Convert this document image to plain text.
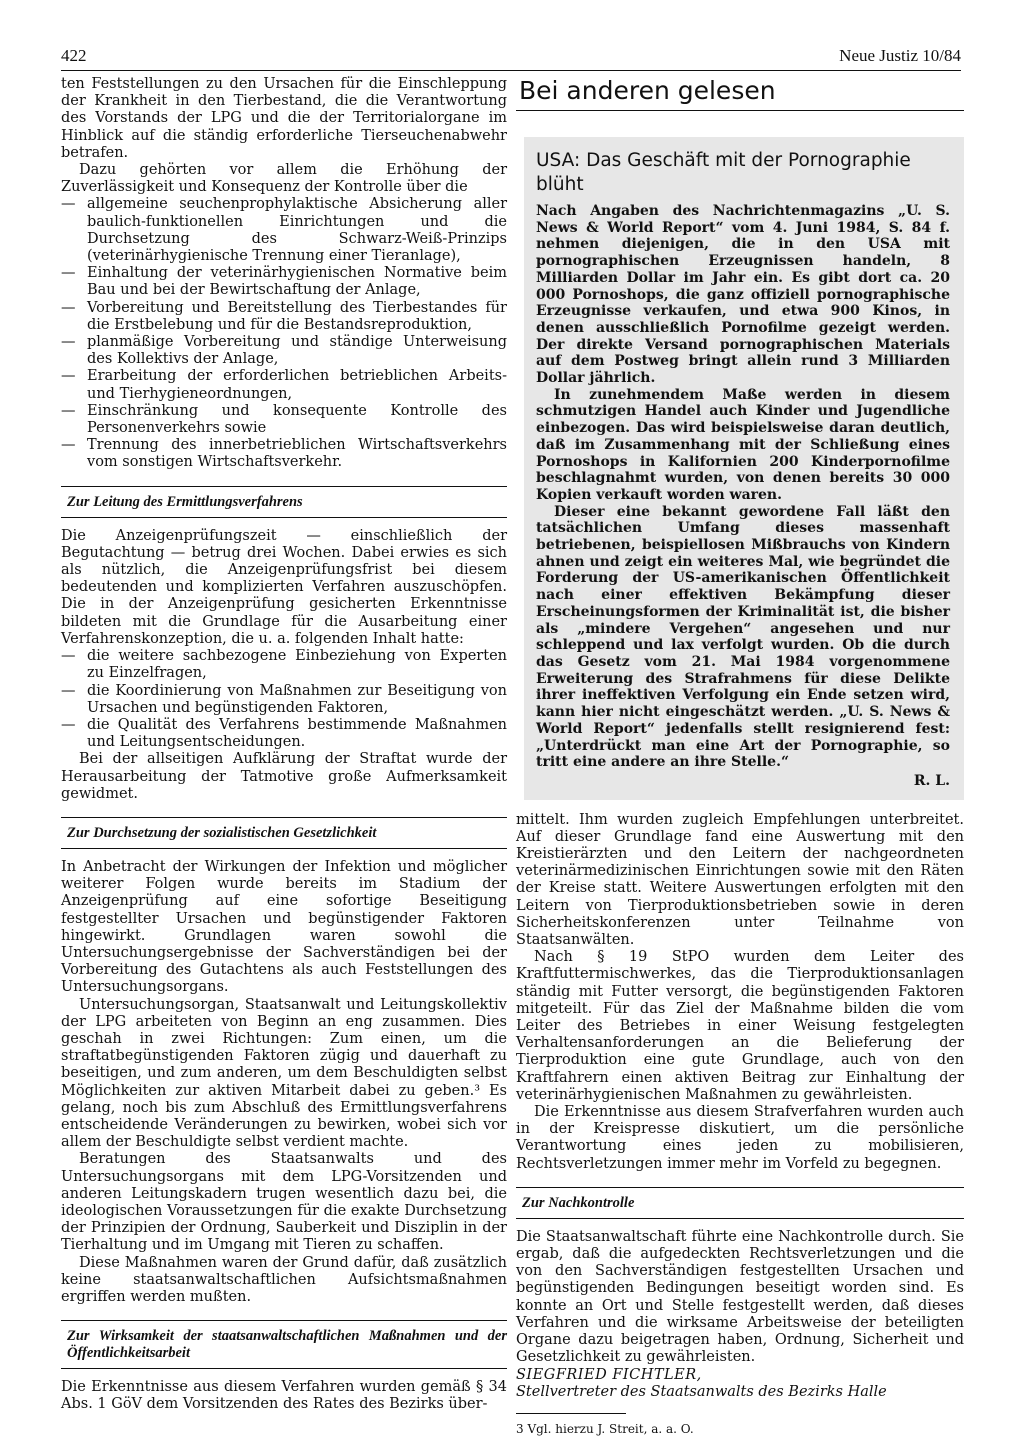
422	Neue Justiz 10/84

ten Feststellungen zu den Ursachen für die Einschleppung der Krankheit in den Tierbestand, die die Verantwortung des Vorstands der LPG und die der Territorialorgane im Hinblick auf die ständig erforderliche Tierseuchenabwehr betrafen.

Dazu gehörten vor allem die Erhöhung der Zuverlässigkeit und Konsequenz der Kontrolle über die

— allgemeine seuchenprophylaktische Absicherung aller baulich-funktionellen Einrichtungen und die Durchsetzung des Schwarz-Weiß-Prinzips (veterinärhygienische Trennung einer Tieranlage),
— Einhaltung der veterinärhygienischen Normative beim Bau und bei der Bewirtschaftung der Anlage,
— Vorbereitung und Bereitstellung des Tierbestandes für die Erstbelebung und für die Bestandsreproduktion,
— planmäßige Vorbereitung und ständige Unterweisung des Kollektivs der Anlage,
— Erarbeitung der erforderlichen betrieblichen Arbeits- und Tierhygieneordnungen,
— Einschränkung und konsequente Kontrolle des Personenverkehrs sowie
— Trennung des innerbetrieblichen Wirtschaftsverkehrs vom sonstigen Wirtschaftsverkehr.
Zur Leitung des Ermittlungsverfahrens

Die Anzeigenprüfungszeit — einschließlich der Begutachtung — betrug drei Wochen. Dabei erwies es sich als nützlich, die Anzeigenprüfungsfrist bei diesem bedeutenden und komplizierten Verfahren auszuschöpfen. Die in der Anzeigenprüfung gesicherten Erkenntnisse bildeten mit die Grundlage für die Ausarbeitung einer Verfahrenskonzeption, die u. a. folgenden Inhalt hatte:

— die weitere sachbezogene Einbeziehung von Experten zu Einzelfragen,
— die Koordinierung von Maßnahmen zur Beseitigung von Ursachen und begünstigenden Faktoren,
— die Qualität des Verfahrens bestimmende Maßnahmen und Leitungsentscheidungen.

Bei der allseitigen Aufklärung der Straftat wurde der Herausarbeitung der Tatmotive große Aufmerksamkeit gewidmet.

Zur Durchsetzung der sozialistischen Gesetzlichkeit

In Anbetracht der Wirkungen der Infektion und möglicher weiterer Folgen wurde bereits im Stadium der Anzeigenprüfung auf eine sofortige Beseitigung festgestellter Ursachen und begünstigender Faktoren hingewirkt. Grundlagen waren sowohl die Untersuchungsergebnisse der Sachverständigen bei der Vorbereitung des Gutachtens als auch Feststellungen des Untersuchungsorgans.

Untersuchungsorgan, Staatsanwalt und Leitungskollektiv der LPG arbeiteten von Beginn an eng zusammen. Dies geschah in zwei Richtungen: Zum einen, um die straftatbegünstigenden Faktoren zügig und dauerhaft zu beseitigen, und zum anderen, um dem Beschuldigten selbst Möglichkeiten zur aktiven Mitarbeit dabei zu geben.³ Es gelang, noch bis zum Abschluß des Ermittlungsverfahrens entscheidende Veränderungen zu bewirken, wobei sich vor allem der Beschuldigte selbst verdient machte.

Beratungen des Staatsanwalts und des Untersuchungsorgans mit dem LPG-Vorsitzenden und anderen Leitungskadern trugen wesentlich dazu bei, die ideologischen Voraussetzungen für die exakte Durchsetzung der Prinzipien der Ordnung, Sauberkeit und Disziplin in der Tierhaltung und im Umgang mit Tieren zu schaffen.

Diese Maßnahmen waren der Grund dafür, daß zusätzlich keine staatsanwaltschaftlichen Aufsichtsmaßnahmen ergriffen werden mußten.

Zur Wirksamkeit der staatsanwaltschaftlichen Maßnahmen und der Öffentlichkeitsarbeit

Die Erkenntnisse aus diesem Verfahren wurden gemäß § 34 Abs. 1 GöV dem Vorsitzenden des Rates des Bezirks über-

Bei anderen gelesen
USA: Das Geschäft mit der Pornographie blüht

Nach Angaben des Nachrichtenmagazins „U. S. News & World Report“ vom 4. Juni 1984, S. 84 f. nehmen diejenigen, die in den USA mit pornographischen Erzeugnissen handeln, 8 Milliarden Dollar im Jahr ein. Es gibt dort ca. 20 000 Pornoshops, die ganz offiziell pornographische Erzeugnisse verkaufen, und etwa 900 Kinos, in denen ausschließlich Pornofilme gezeigt werden. Der direkte Versand pornographischen Materials auf dem Postweg bringt allein rund 3 Milliarden Dollar jährlich.

In zunehmendem Maße werden in diesem schmutzigen Handel auch Kinder und Jugendliche einbezogen. Das wird beispielsweise daran deutlich, daß im Zusammenhang mit der Schließung eines Pornoshops in Kalifornien 200 Kinderpornofilme beschlagnahmt wurden, von denen bereits 30 000 Kopien verkauft worden waren.

Dieser eine bekannt gewordene Fall läßt den tatsächlichen Umfang dieses massenhaft betriebenen, beispiellosen Mißbrauchs von Kindern ahnen und zeigt ein weiteres Mal, wie begründet die Forderung der US-amerikanischen Öffentlichkeit nach einer effektiven Bekämpfung dieser Erscheinungsformen der Kriminalität ist, die bisher als „mindere Vergehen“ angesehen und nur schleppend und lax verfolgt wurden. Ob die durch das Gesetz vom 21. Mai 1984 vorgenommene Erweiterung des Strafrahmens für diese Delikte ihrer ineffektiven Verfolgung ein Ende setzen wird, kann hier nicht eingeschätzt werden. „U. S. News & World Report“ jedenfalls stellt resignierend fest: „Unterdrückt man eine Art der Pornographie, so tritt eine andere an ihre Stelle.“

R. L.

mittelt. Ihm wurden zugleich Empfehlungen unterbreitet. Auf dieser Grundlage fand eine Auswertung mit den Kreistierärzten und den Leitern der nachgeordneten veterinärmedizinischen Einrichtungen sowie mit den Räten der Kreise statt. Weitere Auswertungen erfolgten mit den Leitern von Tierproduktionsbetrieben sowie in deren Sicherheitskonferenzen unter Teilnahme von Staatsanwälten.

Nach § 19 StPO wurden dem Leiter des Kraftfuttermischwerkes, das die Tierproduktionsanlagen ständig mit Futter versorgt, die begünstigenden Faktoren mitgeteilt. Für das Ziel der Maßnahme bilden die vom Leiter des Betriebes in einer Weisung festgelegten Verhaltensanforderungen an die Belieferung der Tierproduktion eine gute Grundlage, auch von den Kraftfahrern einen aktiven Beitrag zur Einhaltung der veterinärhygienischen Maßnahmen zu gewährleisten.

Die Erkenntnisse aus diesem Strafverfahren wurden auch in der Kreispresse diskutiert, um die persönliche Verantwortung eines jeden zu mobilisieren, Rechtsverletzungen immer mehr im Vorfeld zu begegnen.

Zur Nachkontrolle

Die Staatsanwaltschaft führte eine Nachkontrolle durch. Sie ergab, daß die aufgedeckten Rechtsverletzungen und die von den Sachverständigen festgestellten Ursachen und begünstigenden Bedingungen beseitigt worden sind. Es konnte an Ort und Stelle festgestellt werden, daß dieses Verfahren und die wirksame Arbeitsweise der beteiligten Organe dazu beigetragen haben, Ordnung, Sicherheit und Gesetzlichkeit zu gewährleisten.

SIEGFRIED FICHTLER,
Stellvertreter des Staatsanwalts des Bezirks Halle
3 Vgl. hierzu J. Streit, a. a. O.
